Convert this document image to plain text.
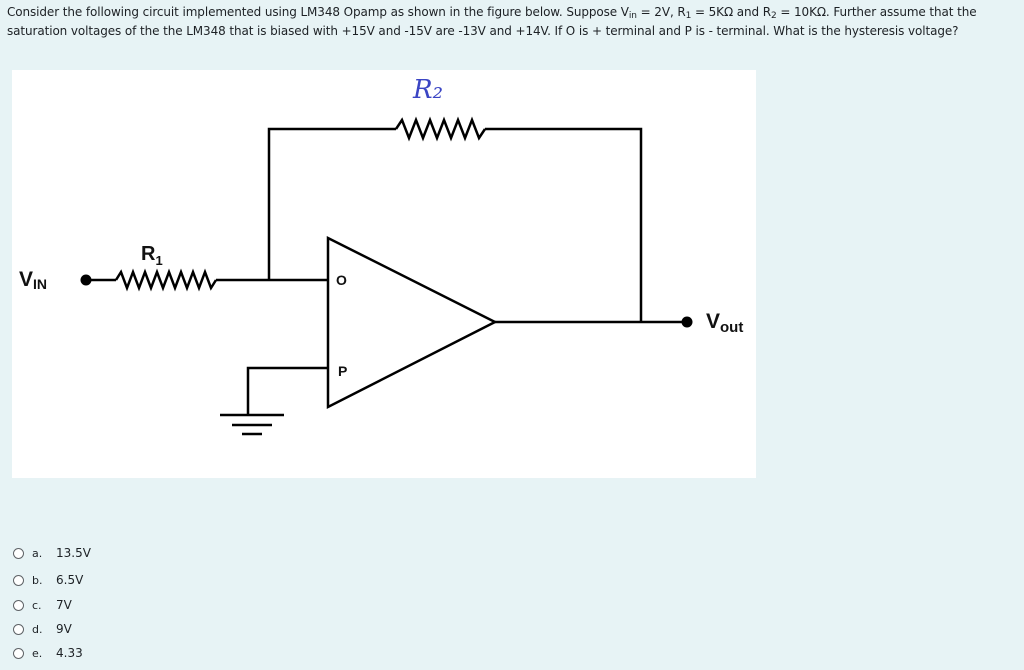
Consider the following circuit implemented using LM348 Opamp as shown in the figure below. Suppose $V_{in} = 2V$, $R_1 = 5K\Omega$ and $R_2 = 10K\Omega$. Further assume that the saturation voltages of the the LM348 that is biased with +15V and -15V are -13V and +14V. If O is + terminal and P is - terminal. What is the hysteresis voltage?
R₂
$R_1$
VIN
Vout
O
P
a. 13.5V
b. 6.5V
c. 7V
d. 9V
e. 4.33
